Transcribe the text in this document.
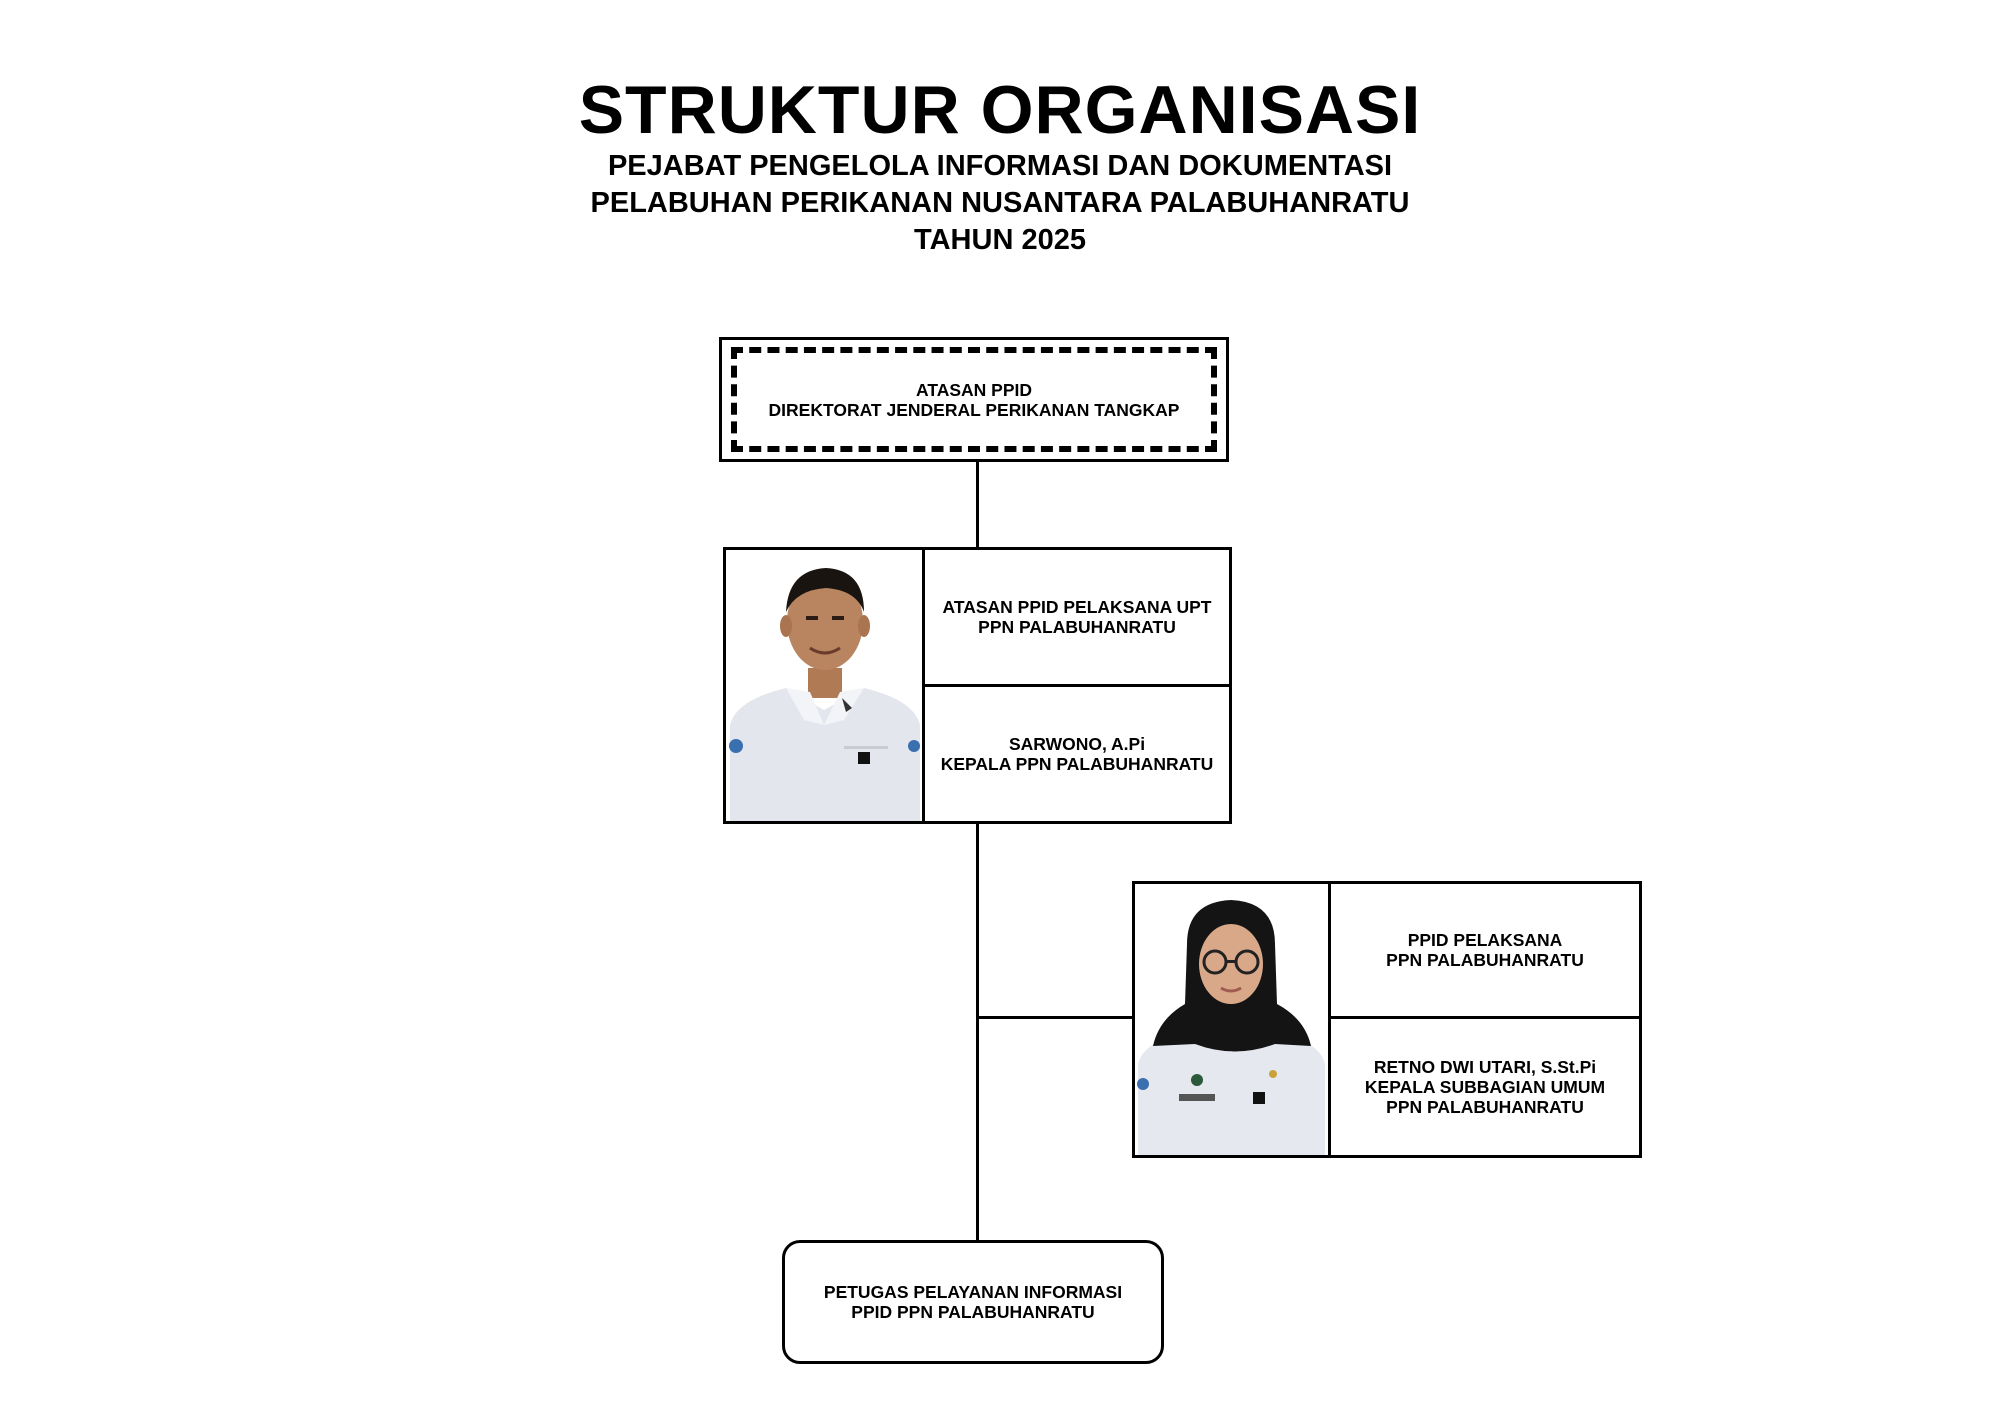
STRUKTUR ORGANISASI
PEJABAT PENGELOLA INFORMASI DAN DOKUMENTASI
PELABUHAN PERIKANAN NUSANTARA PALABUHANRATU
TAHUN 2025
ATASAN PPID
DIREKTORAT JENDERAL PERIKANAN TANGKAP
ATASAN PPID PELAKSANA UPT
PPN PALABUHANRATU
SARWONO, A.Pi
KEPALA PPN PALABUHANRATU
PPID PELAKSANA
PPN PALABUHANRATU
RETNO DWI UTARI, S.St.Pi
KEPALA SUBBAGIAN UMUM
PPN PALABUHANRATU
PETUGAS PELAYANAN INFORMASI
PPID PPN PALABUHANRATU
